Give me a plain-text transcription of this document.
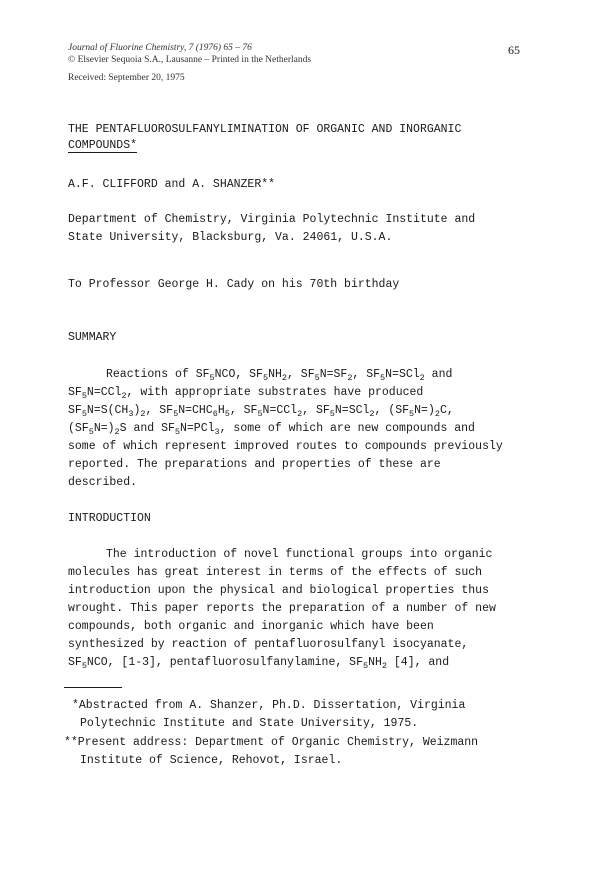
Journal of Fluorine Chemistry, 7 (1976) 65 – 76
© Elsevier Sequoia S.A., Lausanne – Printed in the Netherlands
Received: September 20, 1975
65
THE PENTAFLUOROSULFANYLIMINATION OF ORGANIC AND INORGANIC
COMPOUNDS*
A.F. CLIFFORD and A. SHANZER**
Department of Chemistry, Virginia Polytechnic Institute and
State University, Blacksburg, Va. 24061, U.S.A.
To Professor George H. Cady on his 70th birthday
SUMMARY
Reactions of $SF_5NCO$, $SF_5NH_2$, $SF_5N=SF_2$, $SF_5N=SCl_2$ and
$SF_5N=CCl_2$, with appropriate substrates have produced
$SF_5N=S(CH_3)_2$, $SF_5N=CHC_6H_5$, $SF_5N=CCl_2$, $SF_5N=SCl_2$, $(SF_5N=)_2C$,
$(SF_5N=)_2S$ and $SF_5N=PCl_3$, some of which are new compounds and
some of which represent improved routes to compounds previously
reported. The preparations and properties of these are
described.
INTRODUCTION
The introduction of novel functional groups into organic
molecules has great interest in terms of the effects of such
introduction upon the physical and biological properties thus
wrought. This paper reports the preparation of a number of new
compounds, both organic and inorganic which have been
synthesized by reaction of pentafluorosulfanyl isocyanate,
$SF_5NCO$, [1-3], pentafluorosulfanylamine, $SF_5NH_2$ [4], and
*Abstracted from A. Shanzer, Ph.D. Dissertation, Virginia
Polytechnic Institute and State University, 1975.
**Present address: Department of Organic Chemistry, Weizmann
Institute of Science, Rehovot, Israel.
